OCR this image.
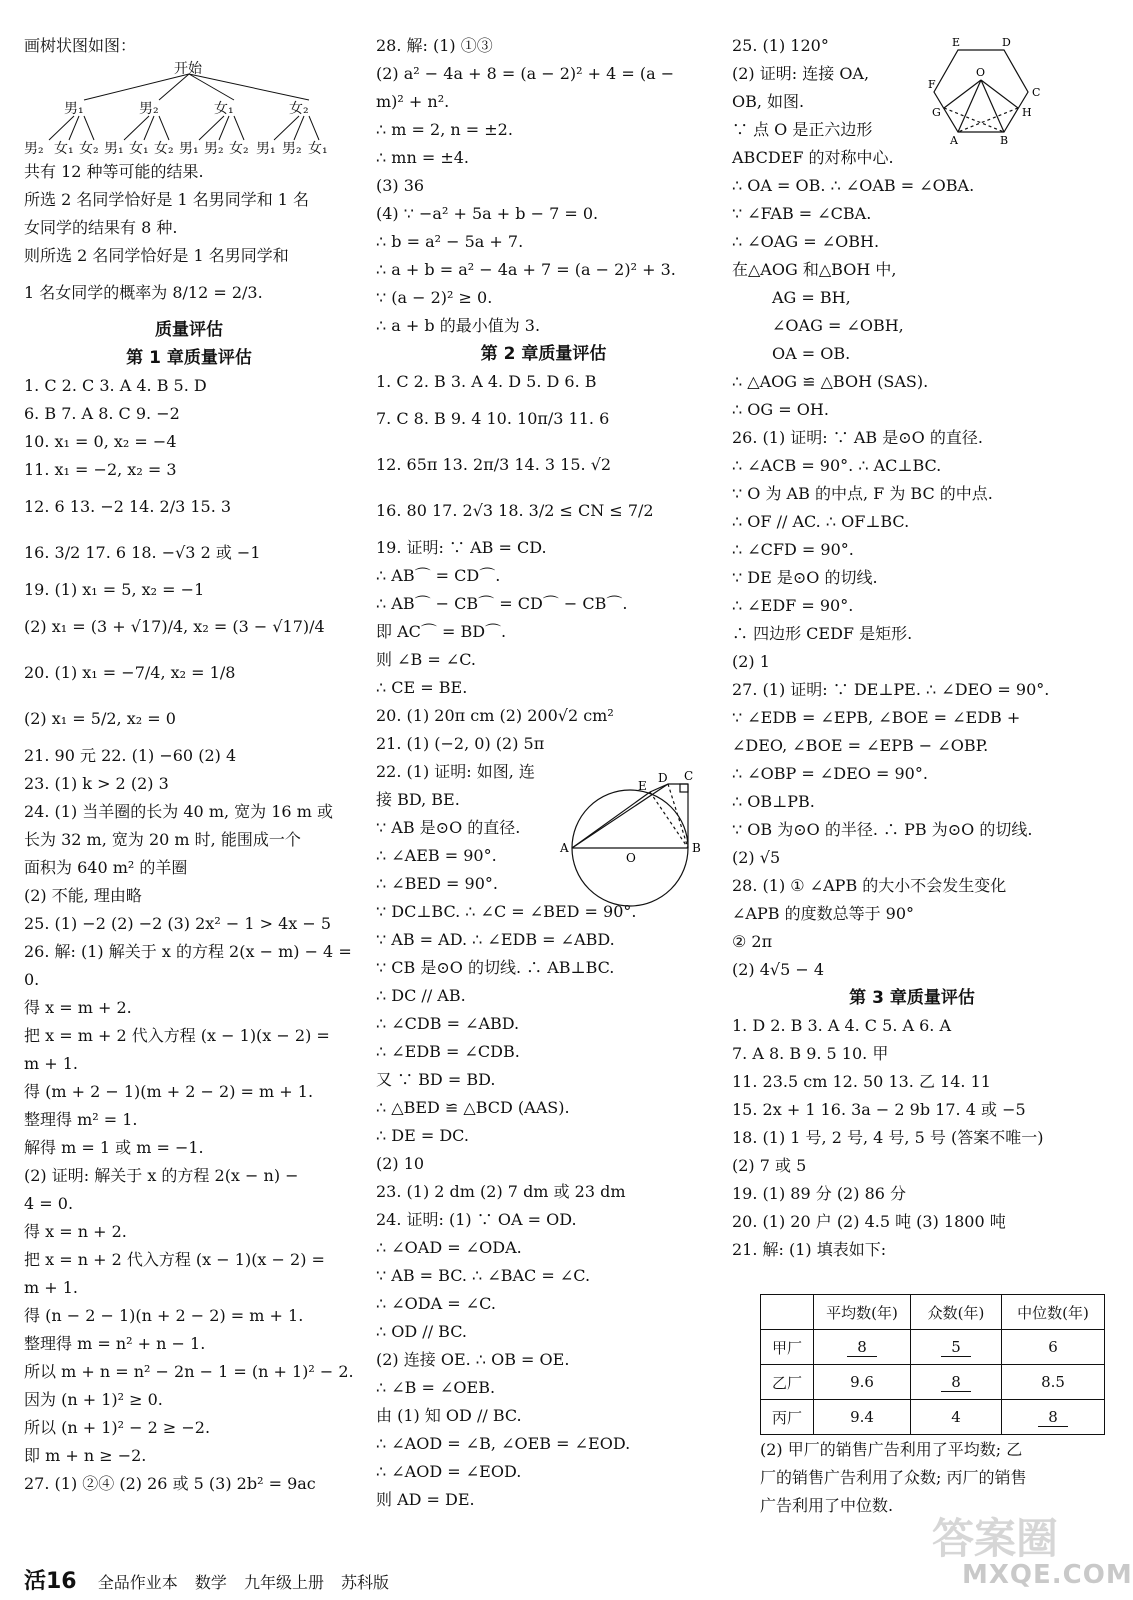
画树状图如图：
开始
男₁	男₂	女₁	女₂
男₂ 女₁ 女₂ 男₁ 女₁ 女₂ 男₁ 男₂ 女₂ 男₁ 男₂ 女₁
共有 12 种等可能的结果.
所选 2 名同学恰好是 1 名男同学和 1 名
女同学的结果有 8 种.
则所选 2 名同学恰好是 1 名男同学和
1 名女同学的概率为 8/12 = 2/3.
质量评估
第 1 章质量评估
1. C 2. C 3. A 4. B 5. D
6. B 7. A 8. C 9. −2
10. x₁ = 0, x₂ = −4
11. x₁ = −2, x₂ = 3
12. 6 13. −2 14. 2/3 15. 3
16. 3/2 17. 6 18. −√3 2 或 −1
19. (1) x₁ = 5, x₂ = −1
(2) x₁ = (3 + √17)/4, x₂ = (3 − √17)/4
20. (1) x₁ = −7/4, x₂ = 1/8
(2) x₁ = 5/2, x₂ = 0
21. 90 元 22. (1) −60 (2) 4
23. (1) k > 2 (2) 3
24. (1) 当羊圈的长为 40 m, 宽为 16 m 或
长为 32 m, 宽为 20 m 时, 能围成一个
面积为 640 m² 的羊圈
(2) 不能, 理由略
25. (1) −2 (2) −2 (3) 2x² − 1 > 4x − 5
26. 解: (1) 解关于 x 的方程 2(x − m) − 4 =
0.
得 x = m + 2.
把 x = m + 2 代入方程 (x − 1)(x − 2) =
m + 1.
得 (m + 2 − 1)(m + 2 − 2) = m + 1.
整理得 m² = 1.
解得 m = 1 或 m = −1.
(2) 证明: 解关于 x 的方程 2(x − n) −
4 = 0.
得 x = n + 2.
把 x = n + 2 代入方程 (x − 1)(x − 2) =
m + 1.
得 (n − 2 − 1)(n + 2 − 2) = m + 1.
整理得 m = n² + n − 1.
所以 m + n = n² − 2n − 1 = (n + 1)² − 2.
因为 (n + 1)² ≥ 0.
所以 (n + 1)² − 2 ≥ −2.
即 m + n ≥ −2.
27. (1) ②④ (2) 26 或 5 (3) 2b² = 9ac
28. 解: (1) ①③
(2) a² − 4a + 8 = (a − 2)² + 4 = (a −
m)² + n².
∴ m = 2, n = ±2.
∴ mn = ±4.
(3) 36
(4) ∵ −a² + 5a + b − 7 = 0.
∴ b = a² − 5a + 7.
∴ a + b = a² − 4a + 7 = (a − 2)² + 3.
∵ (a − 2)² ≥ 0.
∴ a + b 的最小值为 3.
第 2 章质量评估
1. C 2. B 3. A 4. D 5. D 6. B
7. C 8. B 9. 4 10. 10π/3 11. 6
12. 65π 13. 2π/3 14. 3 15. √2
16. 80 17. 2√3 18. 3/2 ≤ CN ≤ 7/2
19. 证明: ∵ AB = CD.
∴ AB⌒ = CD⌒.
∴ AB⌒ − CB⌒ = CD⌒ − CB⌒.
即 AC⌒ = BD⌒.
则 ∠B = ∠C.
∴ CE = BE.
20. (1) 20π cm (2) 200√2 cm²
21. (1) (−2, 0) (2) 5π
22. (1) 证明: 如图, 连
接 BD, BE.
∵ AB 是⊙O 的直径.
∴ ∠AEB = 90°.
∴ ∠BED = 90°.
∵ DC⊥BC. ∴ ∠C = ∠BED = 90°.
∵ AB = AD. ∴ ∠EDB = ∠ABD.
∵ CB 是⊙O 的切线. ∴ AB⊥BC.
∴ DC // AB.
∴ ∠CDB = ∠ABD.
∴ ∠EDB = ∠CDB.
又 ∵ BD = BD.
∴ △BED ≌ △BCD (AAS).
∴ DE = DC.
(2) 10
23. (1) 2 dm (2) 7 dm 或 23 dm
24. 证明: (1) ∵ OA = OD.
∴ ∠OAD = ∠ODA.
∵ AB = BC. ∴ ∠BAC = ∠C.
∴ ∠ODA = ∠C.
∴ OD // BC.
(2) 连接 OE. ∴ OB = OE.
∴ ∠B = ∠OEB.
由 (1) 知 OD // BC.
∴ ∠AOD = ∠B, ∠OEB = ∠EOD.
∴ ∠AOD = ∠EOD.
则 AD = DE.
D C
E
A
O
B
25. (1) 120°
(2) 证明: 连接 OA,
OB, 如图.
∵ 点 O 是正六边形
ABCDEF 的对称中心.
∴ OA = OB. ∴ ∠OAB = ∠OBA.
∵ ∠FAB = ∠CBA.
∴ ∠OAG = ∠OBH.
在△AOG 和△BOH 中,
AG = BH,
∠OAG = ∠OBH,
OA = OB.
∴ △AOG ≌ △BOH (SAS).
∴ OG = OH.
26. (1) 证明: ∵ AB 是⊙O 的直径.
∴ ∠ACB = 90°. ∴ AC⊥BC.
∵ O 为 AB 的中点, F 为 BC 的中点.
∴ OF // AC. ∴ OF⊥BC.
∴ ∠CFD = 90°.
∵ DE 是⊙O 的切线.
∴ ∠EDF = 90°.
∴ 四边形 CEDF 是矩形.
(2) 1
27. (1) 证明: ∵ DE⊥PE. ∴ ∠DEO = 90°.
∵ ∠EDB = ∠EPB, ∠BOE = ∠EDB +
∠DEO, ∠BOE = ∠EPB − ∠OBP.
∴ ∠OBP = ∠DEO = 90°.
∴ OB⊥PB.
∵ OB 为⊙O 的半径. ∴ PB 为⊙O 的切线.
(2) √5
28. (1) ① ∠APB 的大小不会发生变化
∠APB 的度数总等于 90°
② 2π
(2) 4√5 − 4
第 3 章质量评估
1. D 2. B 3. A 4. C 5. A 6. A
7. A 8. B 9. 5 10. 甲
11. 23.5 cm 12. 50 13. 乙 14. 11
15. 2x + 1 16. 3a − 2 9b 17. 4 或 −5
18. (1) 1 号, 2 号, 4 号, 5 号 (答案不唯一)
(2) 7 或 5
19. (1) 89 分 (2) 86 分
20. (1) 20 户 (2) 4.5 吨 (3) 1800 吨
21. 解: (1) 填表如下:
E	D
O
C
F
G	H
A	B
	平均数(年)	众数(年)	中位数(年)
甲厂	8	5	6
乙厂	9.6	8	8.5
丙厂	9.4	4	8
(2) 甲厂的销售广告利用了平均数; 乙
厂的销售广告利用了众数; 丙厂的销售
广告利用了中位数.
活16 全品作业本 数学 九年级上册 苏科版
答案圈
MXQE.COM
